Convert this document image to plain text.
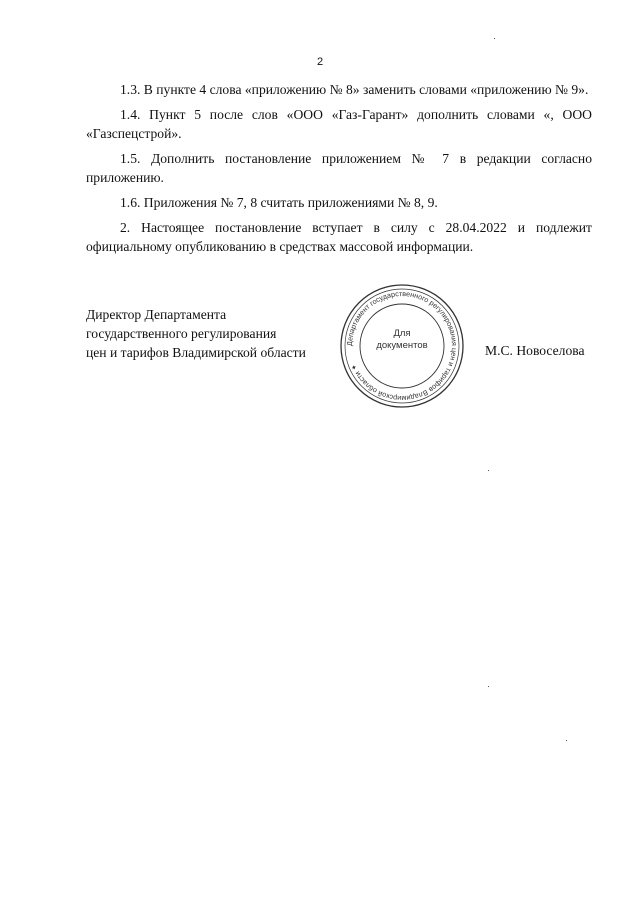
2

1.3. В пункте 4 слова «приложению № 8» заменить словами «приложению № 9».

1.4. Пункт 5 после слов «ООО «Газ-Гарант» дополнить словами «, ООО «Газспецстрой».

1.5. Дополнить постановление приложением № 7 в редакции согласно приложению.

1.6. Приложения № 7, 8 считать приложениями № 8, 9.

2. Настоящее постановление вступает в силу с 28.04.2022 и подлежит официальному опубликованию в средствах массовой информации.

Директор Департамента
государственного регулирования
цен и тарифов Владимирской области
Департамент государственного регулирования цен и тарифов Владимирской области ✦
Для
документов	М.С. Новоселова
